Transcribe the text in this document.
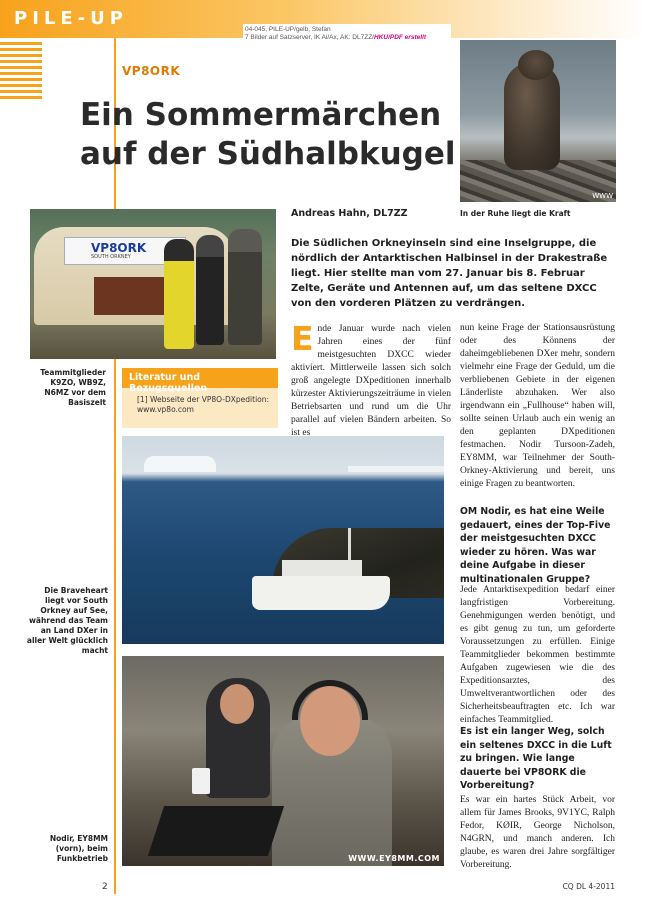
PILE-UP
04-045, PILE-UP/gelb, Stefan
7 Bilder auf Satzserver, IK Ai/Ax, AK: DL7ZZ/HKU/PDF erstellt
VP8ORK
Ein Sommermärchen auf der Südhalbkugel
WWW
In der Ruhe liegt die Kraft
VP8ORK
SOUTH ORKNEY
Teammitglieder K9ZO, WB9Z, N6MZ vor dem Basiszelt
Literatur und Bezugsquellen
[1] Webseite der VP8O-DXpedition: www.vp8o.com
Die Braveheart liegt vor South Orkney auf See, während das Team an Land DXer in aller Welt glücklich macht
WWW.EY8MM.COM
Nodir, EY8MM (vorn), beim Funkbetrieb
Andreas Hahn, DL7ZZ
Die Südlichen Orkneyinseln sind eine Inselgruppe, die nördlich der Antarktischen Halbinsel in der Drakestraße liegt. Hier stellte man vom 27. Januar bis 8. Februar Zelte, Geräte und Antennen auf, um das seltene DXCC von den vorderen Plätzen zu verdrängen.
Ende Januar wurde nach vielen Jahren eines der fünf meistgesuchten DXCC wieder aktiviert. Mittlerweile lassen sich solch groß angelegte DXpeditionen innerhalb kürzester Aktivierungszeiträume in vielen Betriebsarten und rund um die Uhr parallel auf vielen Bändern arbeiten. So ist es
nun keine Frage der Stationsausrüstung oder des Könnens der daheimgebliebenen DXer mehr, sondern vielmehr eine Frage der Geduld, um die verbliebenen Gebiete in der eigenen Länderliste abzuhaken. Wer also irgendwann ein „Fullhouse“ haben will, sollte seinen Urlaub auch ein wenig an den geplanten DXpeditionen festmachen. Nodir Tursoon-Zadeh, EY8MM, war Teilnehmer der South-Orkney-Aktivierung und bereit, uns einige Fragen zu beantworten.
OM Nodir, es hat eine Weile gedauert, eines der Top-Five der meistgesuchten DXCC wieder zu hören. Was war deine Aufgabe in dieser multinationalen Gruppe?
Jede Antarktisexpedition bedarf einer langfristigen Vorbereitung. Genehmigungen werden benötigt, und es gibt genug zu tun, um geforderte Voraussetzungen zu erfüllen. Einige Teammitglieder bekommen bestimmte Aufgaben zugewiesen wie die des Expeditionsarztes, des Umweltverantwortlichen oder des Sicherheitsbeauftragten etc. Ich war einfaches Teammitglied.
Es ist ein langer Weg, solch ein seltenes DXCC in die Luft zu bringen. Wie lange dauerte bei VP8ORK die Vorbereitung?
Es war ein hartes Stück Arbeit, vor allem für James Brooks, 9V1YC, Ralph Fedor, KØIR, George Nicholson, N4GRN, und manch anderen. Ich glaube, es waren drei Jahre sorgfältiger Vorbereitung.
2	CQ DL 4-2011
